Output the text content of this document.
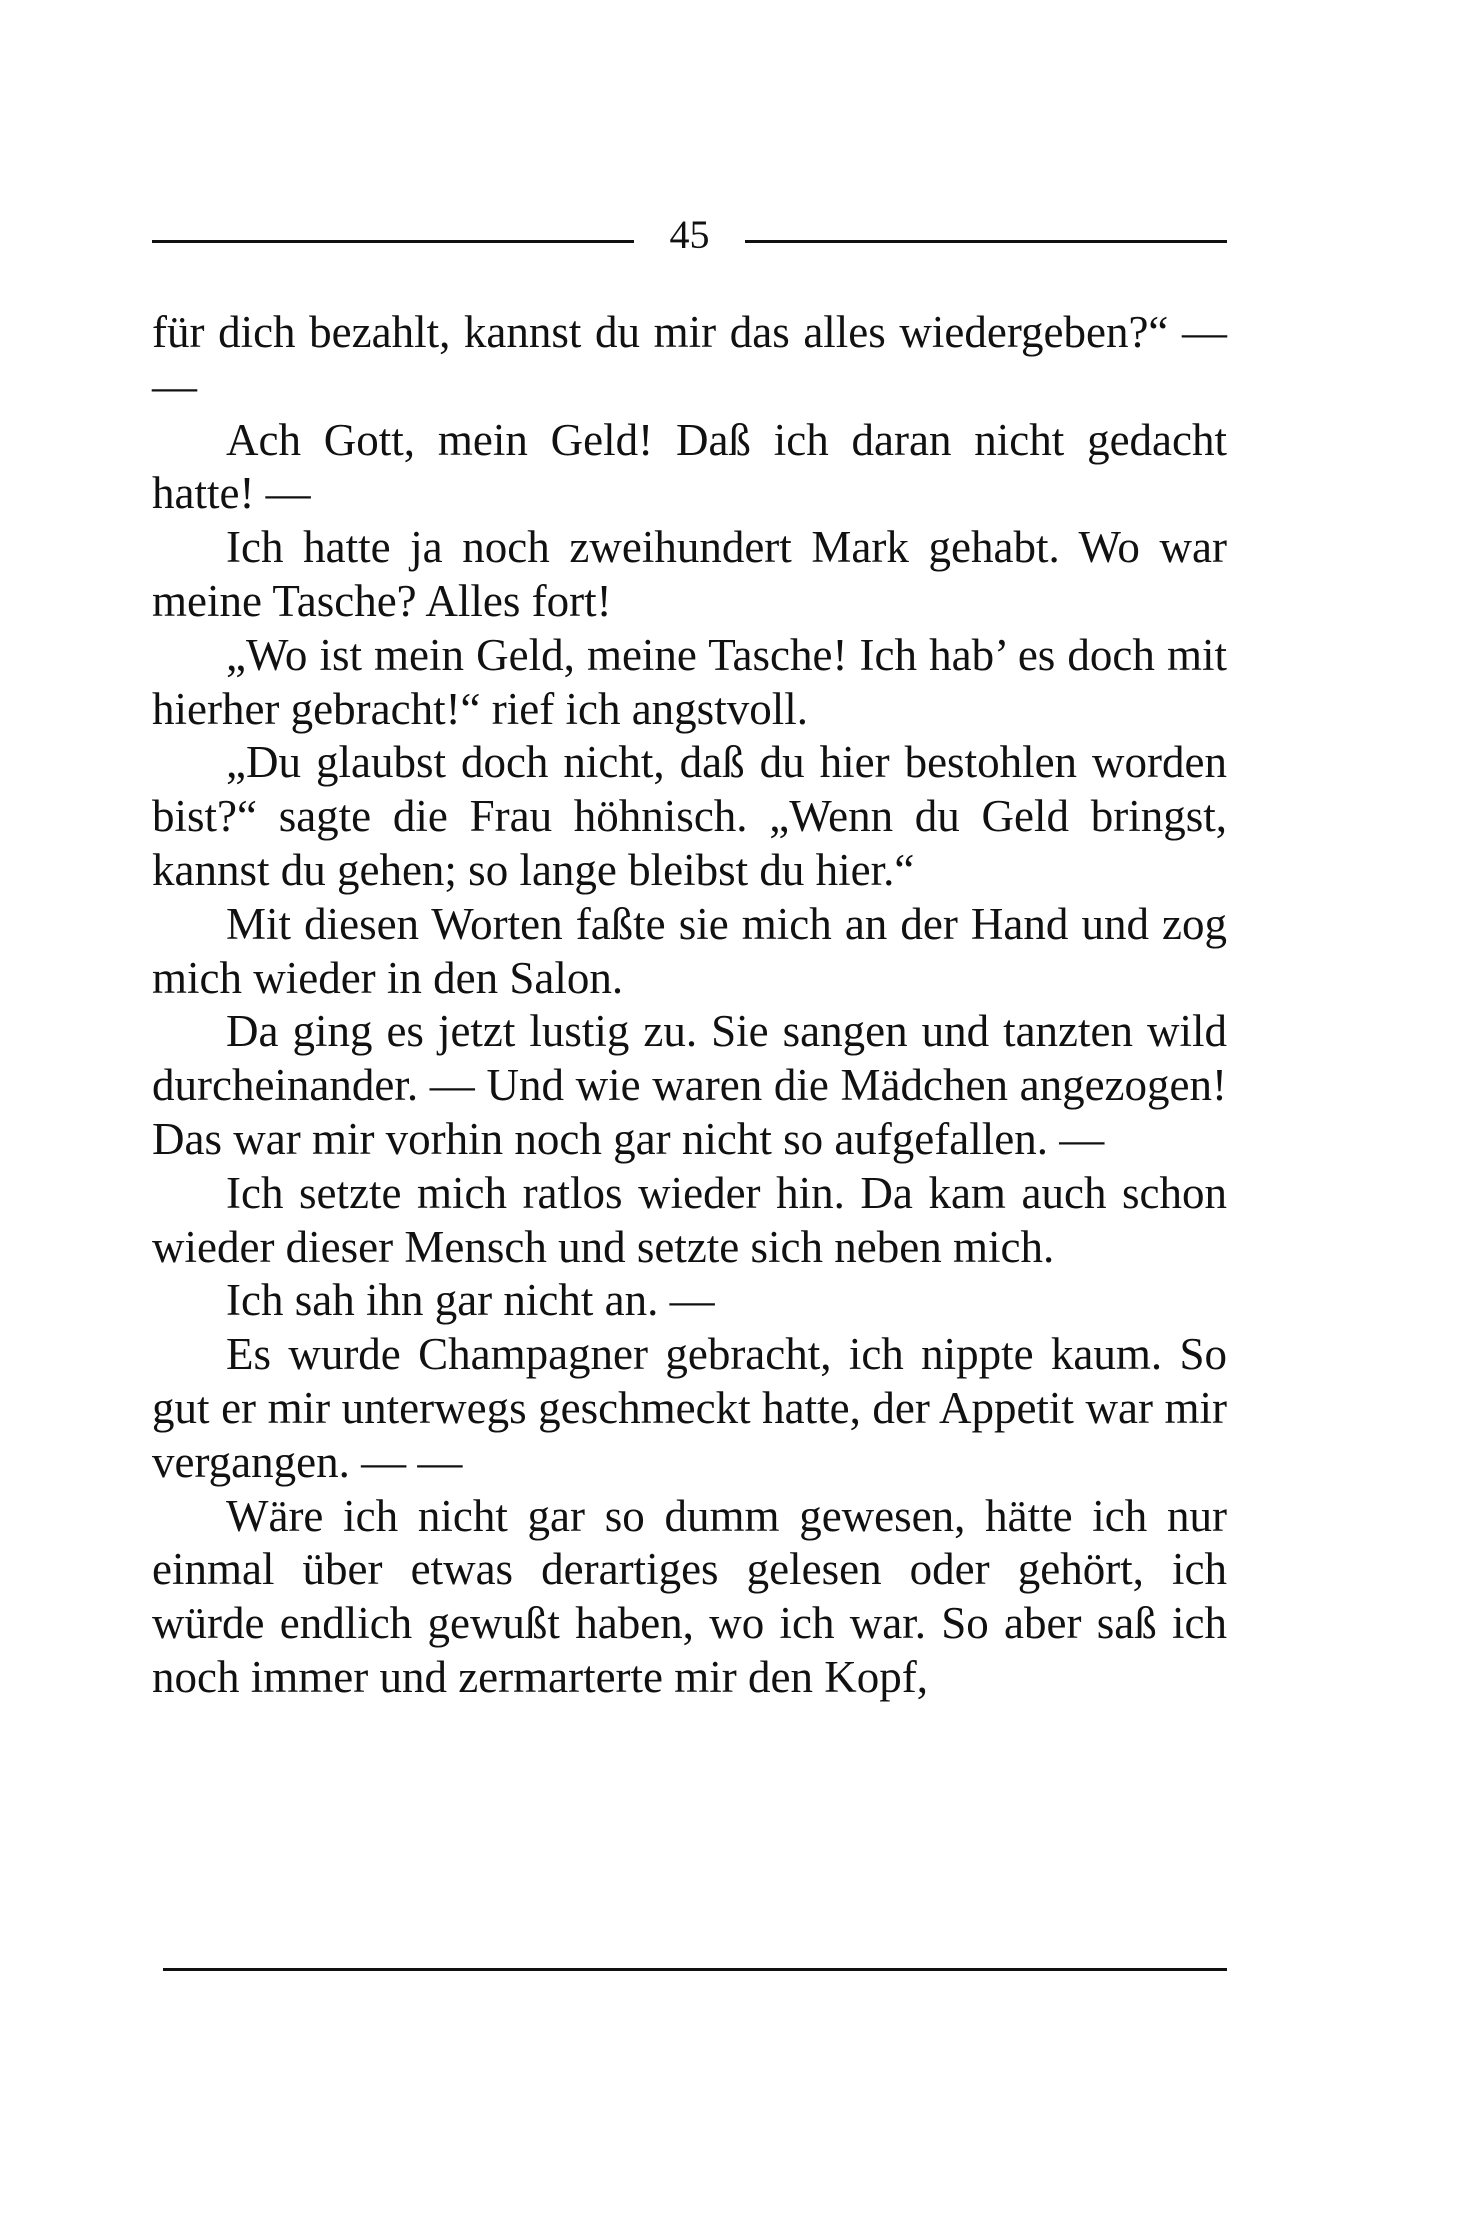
45

für dich bezahlt, kannst du mir das alles wiedergeben?“ — —

Ach Gott, mein Geld! Daß ich daran nicht gedacht hatte! —

Ich hatte ja noch zweihundert Mark gehabt. Wo war meine Tasche? Alles fort!

„Wo ist mein Geld, meine Tasche! Ich hab’ es doch mit hierher gebracht!“ rief ich angstvoll.

„Du glaubst doch nicht, daß du hier bestohlen worden bist?“ sagte die Frau höhnisch. „Wenn du Geld bringst, kannst du gehen; so lange bleibst du hier.“

Mit diesen Worten faßte sie mich an der Hand und zog mich wieder in den Salon.

Da ging es jetzt lustig zu. Sie sangen und tanzten wild durcheinander. — Und wie waren die Mädchen angezogen! Das war mir vorhin noch gar nicht so aufgefallen. —

Ich setzte mich ratlos wieder hin. Da kam auch schon wieder dieser Mensch und setzte sich neben mich.

Ich sah ihn gar nicht an. —

Es wurde Champagner gebracht, ich nippte kaum. So gut er mir unterwegs geschmeckt hatte, der Appetit war mir vergangen. — —

Wäre ich nicht gar so dumm gewesen, hätte ich nur einmal über etwas derartiges gelesen oder gehört, ich würde endlich gewußt haben, wo ich war. So aber saß ich noch immer und zermarterte mir den Kopf,
